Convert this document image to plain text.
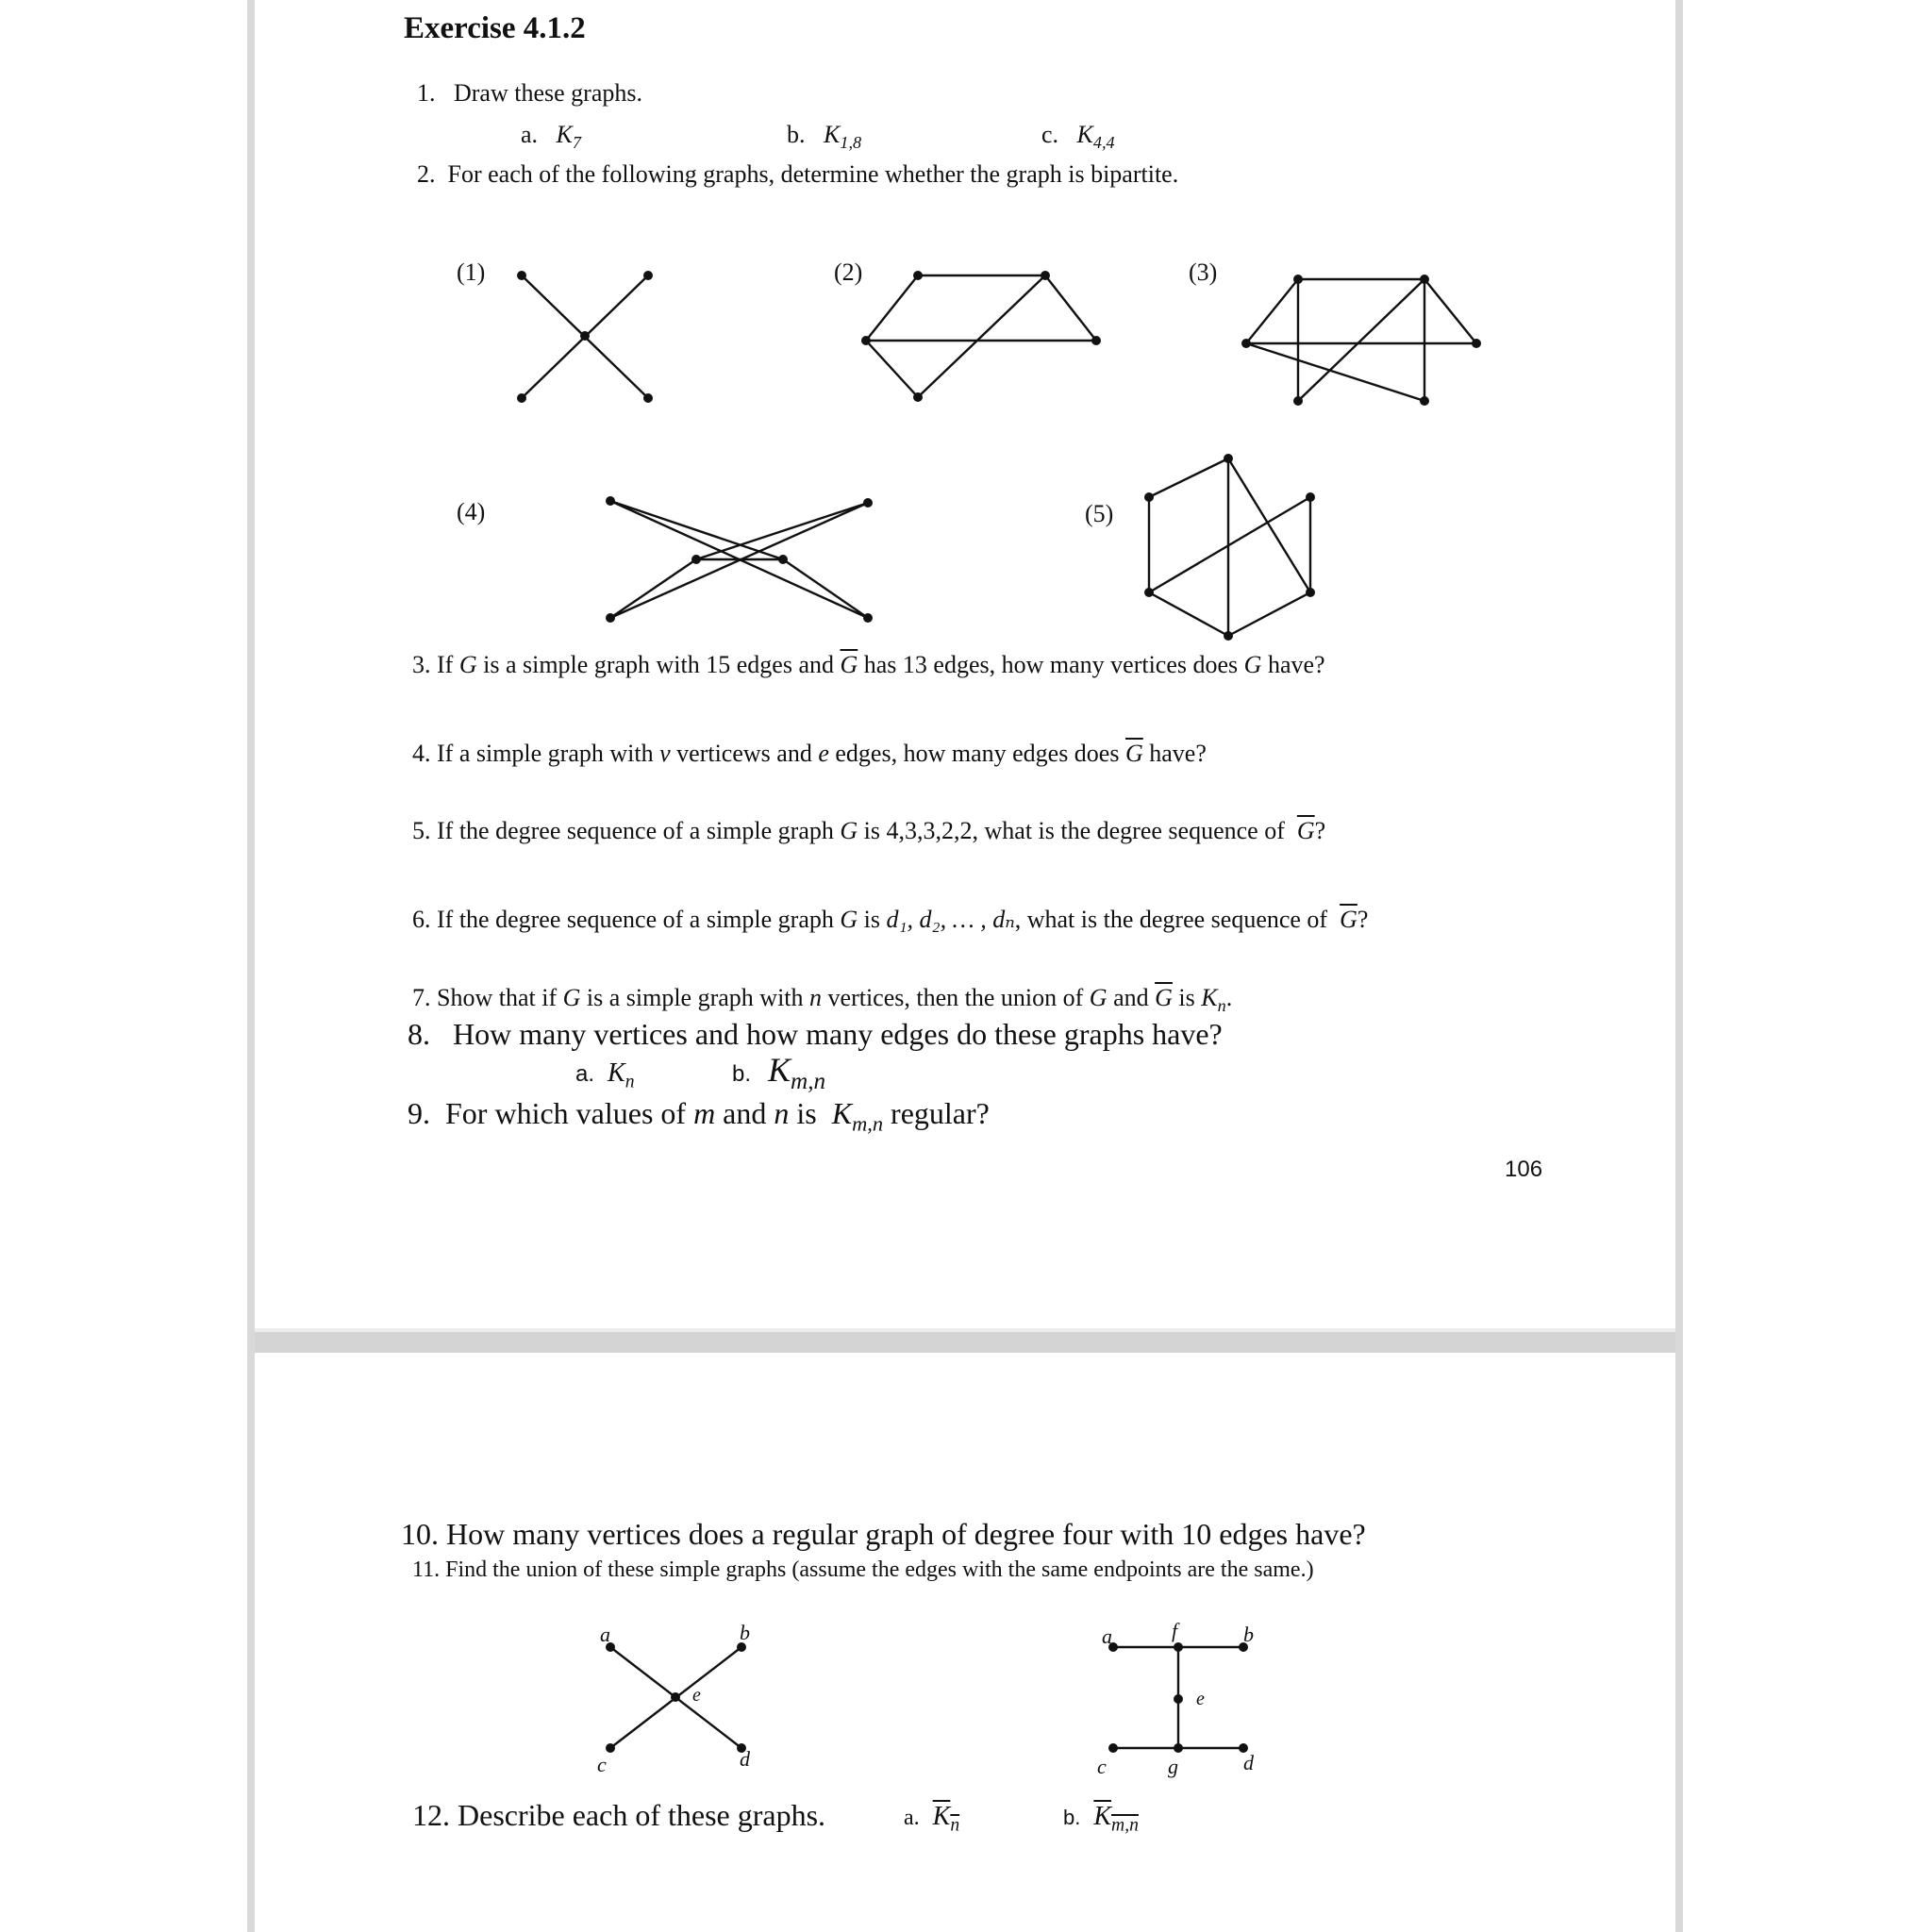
Exercise 4.1.2
1. Draw these graphs.
a. $K_7$	b. $K_{1,8}$	c. $K_{4,4}$
2. For each of the following graphs, determine whether the graph is bipartite.
(1)	(2)	(3)
(4)	(5)
3. If G is a simple graph with 15 edges and $\overline{G}$ has 13 edges, how many vertices does G have?
4. If a simple graph with v verticews and e edges, how many edges does $\overline{G}$ have?
5. If the degree sequence of a simple graph G is 4,3,3,2,2, what is the degree sequence of  $\overline{G}$?
6. If the degree sequence of a simple graph G is d₁, d₂, … , dₙ, what is the degree sequence of  $\overline{G}$?
7. Show that if G is a simple graph with n vertices, then the union of G and $\overline{G}$ is $K_n$.
8. How many vertices and how many edges do these graphs have?
a. $K_n$	b. $K_{m,n}$
9. For which values of m and n is  $K_{m,n}$ regular?
106
10. How many vertices does a regular graph of degree four with 10 edges have?
11. Find the union of these simple graphs (assume the edges with the same endpoints are the same.)
a	b
e
c	d
a	f	b
e
c	g	d
12. Describe each of these graphs.	a. $K_n$	b. $K_{m,n}$
